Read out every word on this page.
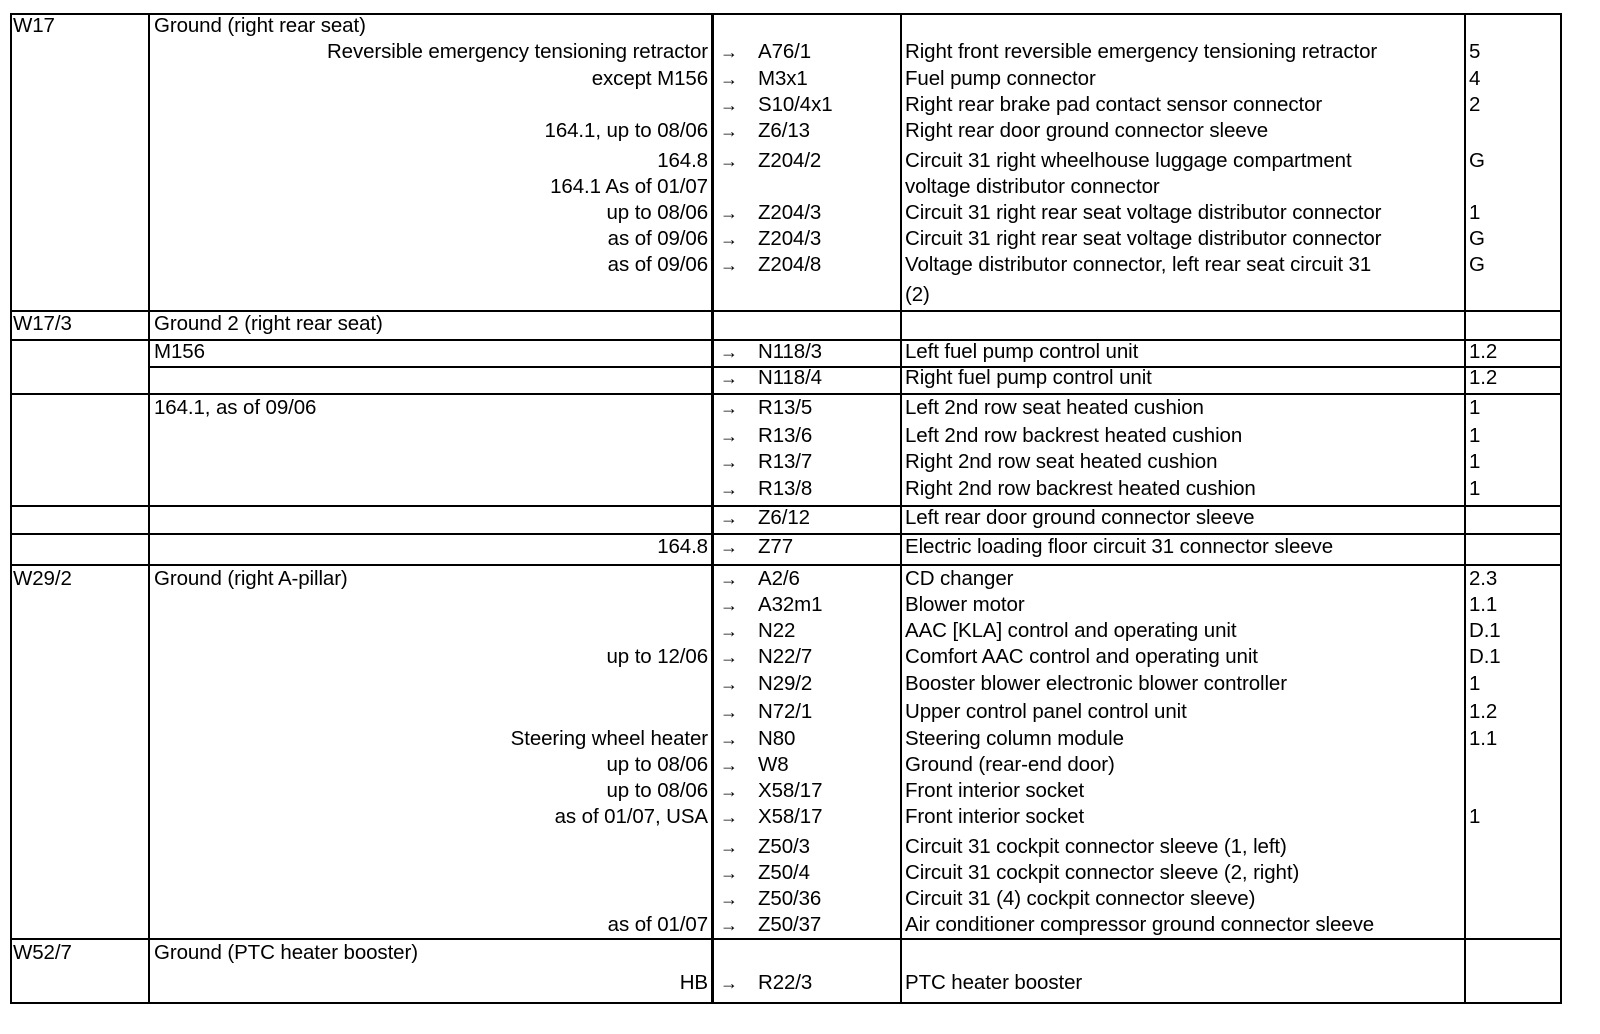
W17	Ground (right rear seat)
Reversible emergency tensioning retractor → A76/1	Right front reversible emergency tensioning retractor	5
except M156 → M3x1	Fuel pump connector	4
→ S10/4x1	Right rear brake pad contact sensor connector	2
164.1, up to 08/06 → Z6/13	Right rear door ground connector sleeve
164.8 → Z204/2	Circuit 31 right wheelhouse luggage compartment	G
164.1 As of 01/07	voltage distributor connector
up to 08/06 → Z204/3	Circuit 31 right rear seat voltage distributor connector	1
as of 09/06 → Z204/3	Circuit 31 right rear seat voltage distributor connector	G
as of 09/06 → Z204/8	Voltage distributor connector, left rear seat circuit 31	G
(2)
W17/3	Ground 2 (right rear seat)
M156	→ N118/3	Left fuel pump control unit	1.2
→ N118/4	Right fuel pump control unit	1.2
164.1, as of 09/06	→ R13/5	Left 2nd row seat heated cushion	1
→ R13/6	Left 2nd row backrest heated cushion	1
→ R13/7	Right 2nd row seat heated cushion	1
→ R13/8	Right 2nd row backrest heated cushion	1
→ Z6/12	Left rear door ground connector sleeve
164.8 → Z77	Electric loading floor circuit 31 connector sleeve
W29/2	Ground (right A-pillar)	→ A2/6	CD changer	2.3
→ A32m1	Blower motor	1.1
→ N22	AAC [KLA] control and operating unit	D.1
up to 12/06 → N22/7	Comfort AAC control and operating unit	D.1
→ N29/2	Booster blower electronic blower controller	1
→ N72/1	Upper control panel control unit	1.2
Steering wheel heater → N80	Steering column module	1.1
up to 08/06 → W8	Ground (rear-end door)
up to 08/06 → X58/17	Front interior socket
as of 01/07, USA → X58/17	Front interior socket	1
→ Z50/3	Circuit 31 cockpit connector sleeve (1, left)
→ Z50/4	Circuit 31 cockpit connector sleeve (2, right)
→ Z50/36	Circuit 31 (4) cockpit connector sleeve)
as of 01/07 → Z50/37	Air conditioner compressor ground connector sleeve
W52/7	Ground (PTC heater booster)
HB → R22/3	PTC heater booster
